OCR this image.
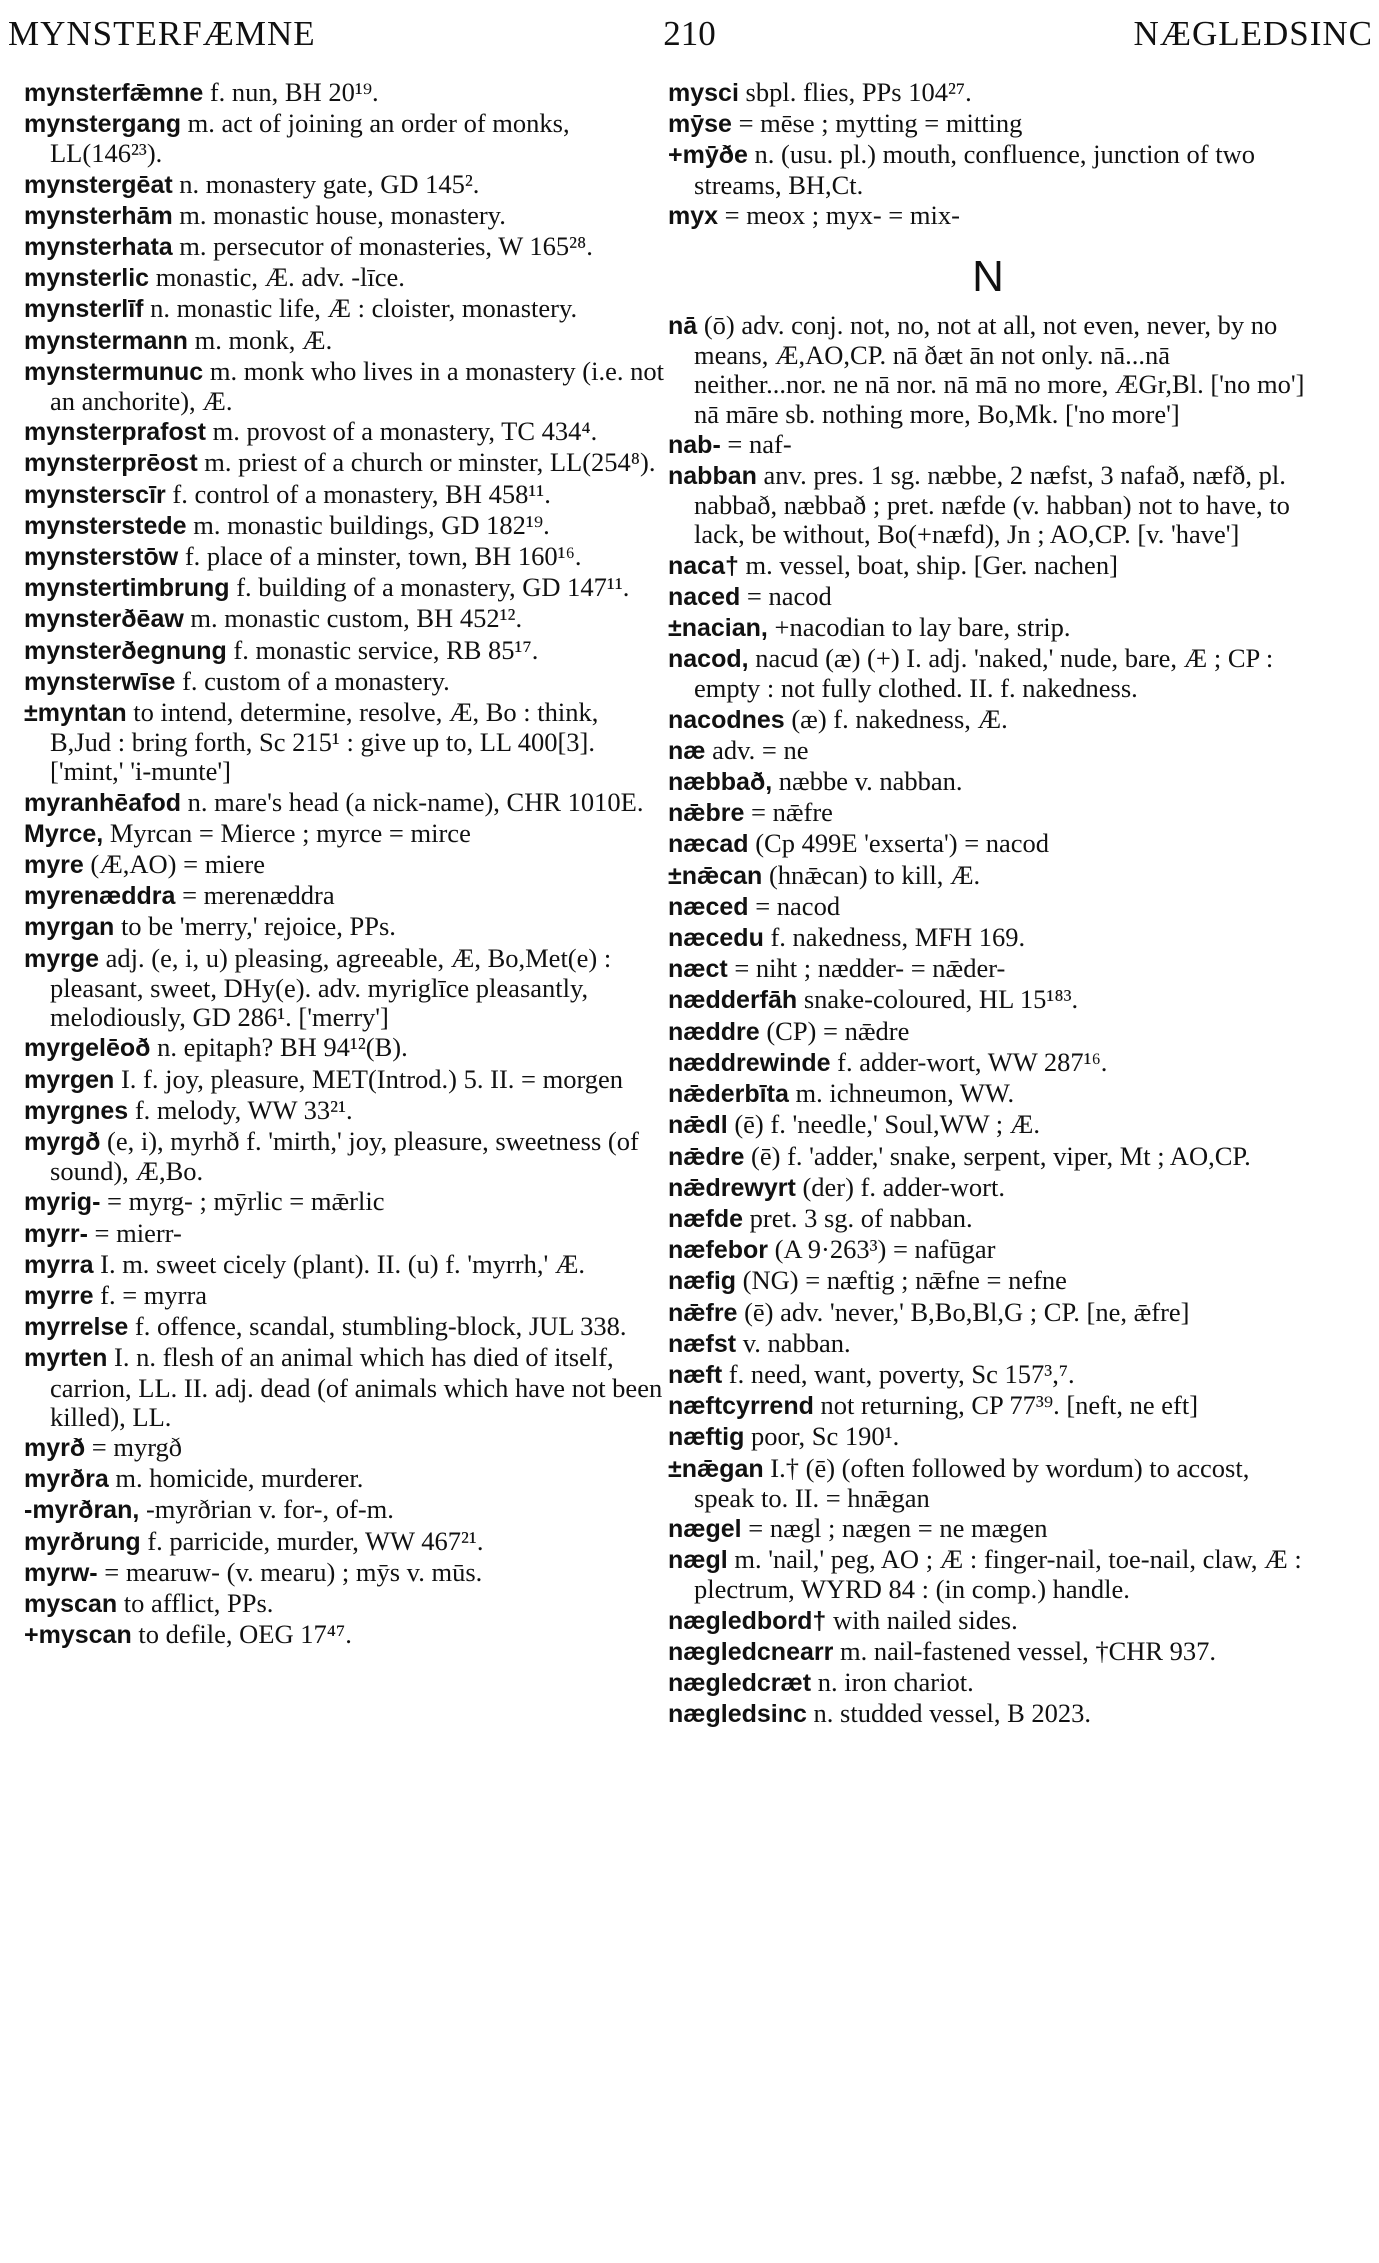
MYNSTERFÆMNE	210	NÆGLEDSINC
mynsterfǣmne f. nun, BH 20¹⁹.
mynstergang m. act of joining an order of monks, LL(146²³).
mynstergēat n. monastery gate, GD 145².
mynsterhām m. monastic house, monastery.
mynsterhata m. persecutor of monasteries, W 165²⁸.
mynsterlic monastic, Æ. adv. -līce.
mynsterlīf n. monastic life, Æ : cloister, monastery.
mynstermann m. monk, Æ.
mynstermunuc m. monk who lives in a monastery (i.e. not an anchorite), Æ.
mynsterprafost m. provost of a monastery, TC 434⁴.
mynsterprēost m. priest of a church or minster, LL(254⁸).
mynsterscīr f. control of a monastery, BH 458¹¹.
mynsterstede m. monastic buildings, GD 182¹⁹.
mynsterstōw f. place of a minster, town, BH 160¹⁶.
mynstertimbrung f. building of a monastery, GD 147¹¹.
mynsterðēaw m. monastic custom, BH 452¹².
mynsterðegnung f. monastic service, RB 85¹⁷.
mynsterwīse f. custom of a monastery.
±myntan to intend, determine, resolve, Æ, Bo : think, B,Jud : bring forth, Sc 215¹ : give up to, LL 400[3]. ['mint,' 'i-munte']
myranhēafod n. mare's head (a nick-name), CHR 1010E.
Myrce, Myrcan = Mierce ; myrce = mirce
myre (Æ,AO) = miere
myrenæddra = merenæddra
myrgan to be 'merry,' rejoice, PPs.
myrge adj. (e, i, u) pleasing, agreeable, Æ, Bo,Met(e) : pleasant, sweet, DHy(e). adv. myriglīce pleasantly, melodiously, GD 286¹. ['merry']
myrgelēoð n. epitaph? BH 94¹²(B).
myrgen I. f. joy, pleasure, MET(Introd.) 5. II. = morgen
myrgnes f. melody, WW 33²¹.
myrgð (e, i), myrhð f. 'mirth,' joy, pleasure, sweetness (of sound), Æ,Bo.
myrig- = myrg- ; mȳrlic = mǣrlic
myrr- = mierr-
myrra I. m. sweet cicely (plant). II. (u) f. 'myrrh,' Æ.
myrre f. = myrra
myrrelse f. offence, scandal, stumbling-block, JUL 338.
myrten I. n. flesh of an animal which has died of itself, carrion, LL. II. adj. dead (of animals which have not been killed), LL.
myrð = myrgð
myrðra m. homicide, murderer.
-myrðran, -myrðrian v. for-, of-m.
myrðrung f. parricide, murder, WW 467²¹.
myrw- = mearuw- (v. mearu) ; mȳs v. mūs.
myscan to afflict, PPs.
+myscan to defile, OEG 17⁴⁷.
mysci sbpl. flies, PPs 104²⁷.
mȳse = mēse ; mytting = mitting
+mȳðe n. (usu. pl.) mouth, confluence, junction of two streams, BH,Ct.
myx = meox ; myx- = mix-
N
nā (ō) adv. conj. not, no, not at all, not even, never, by no means, Æ,AO,CP. nā ðæt ān not only. nā...nā neither...nor. ne nā nor. nā mā no more, ÆGr,Bl. ['no mo'] nā māre sb. nothing more, Bo,Mk. ['no more']
nab- = naf-
nabban anv. pres. 1 sg. næbbe, 2 næfst, 3 nafað, næfð, pl. nabbað, næbbað ; pret. næfde (v. habban) not to have, to lack, be without, Bo(+næfd), Jn ; AO,CP. [v. 'have']
naca† m. vessel, boat, ship. [Ger. nachen]
naced = nacod
±nacian, +nacodian to lay bare, strip.
nacod, nacud (æ) (+) I. adj. 'naked,' nude, bare, Æ ; CP : empty : not fully clothed. II. f. nakedness.
nacodnes (æ) f. nakedness, Æ.
næ adv. = ne
næbbað, næbbe v. nabban.
nǣbre = nǣfre
næcad (Cp 499E 'exserta') = nacod
±nǣcan (hnǣcan) to kill, Æ.
næced = nacod
næcedu f. nakedness, MFH 169.
næct = niht ; nædder- = nǣder-
nædderfāh snake-coloured, HL 15¹⁸³.
næddre (CP) = nǣdre
næddrewinde f. adder-wort, WW 287¹⁶.
nǣderbīta m. ichneumon, WW.
nǣdl (ē) f. 'needle,' Soul,WW ; Æ.
nǣdre (ē) f. 'adder,' snake, serpent, viper, Mt ; AO,CP.
nǣdrewyrt (der) f. adder-wort.
næfde pret. 3 sg. of nabban.
næfebor (A 9·263³) = nafūgar
næfig (NG) = næftig ; nǣfne = nefne
nǣfre (ē) adv. 'never,' B,Bo,Bl,G ; CP. [ne, ǣfre]
næfst v. nabban.
næft f. need, want, poverty, Sc 157³,⁷.
næftcyrrend not returning, CP 77³⁹. [neft, ne eft]
næftig poor, Sc 190¹.
±nǣgan I.† (ē) (often followed by wordum) to accost, speak to. II. = hnǣgan
nægel = nægl ; nægen = ne mægen
nægl m. 'nail,' peg, AO ; Æ : finger-nail, toe-nail, claw, Æ : plectrum, WYRD 84 : (in comp.) handle.
nægledbord† with nailed sides.
nægledcnearr m. nail-fastened vessel, †CHR 937.
nægledcræt n. iron chariot.
nægledsinc n. studded vessel, B 2023.
